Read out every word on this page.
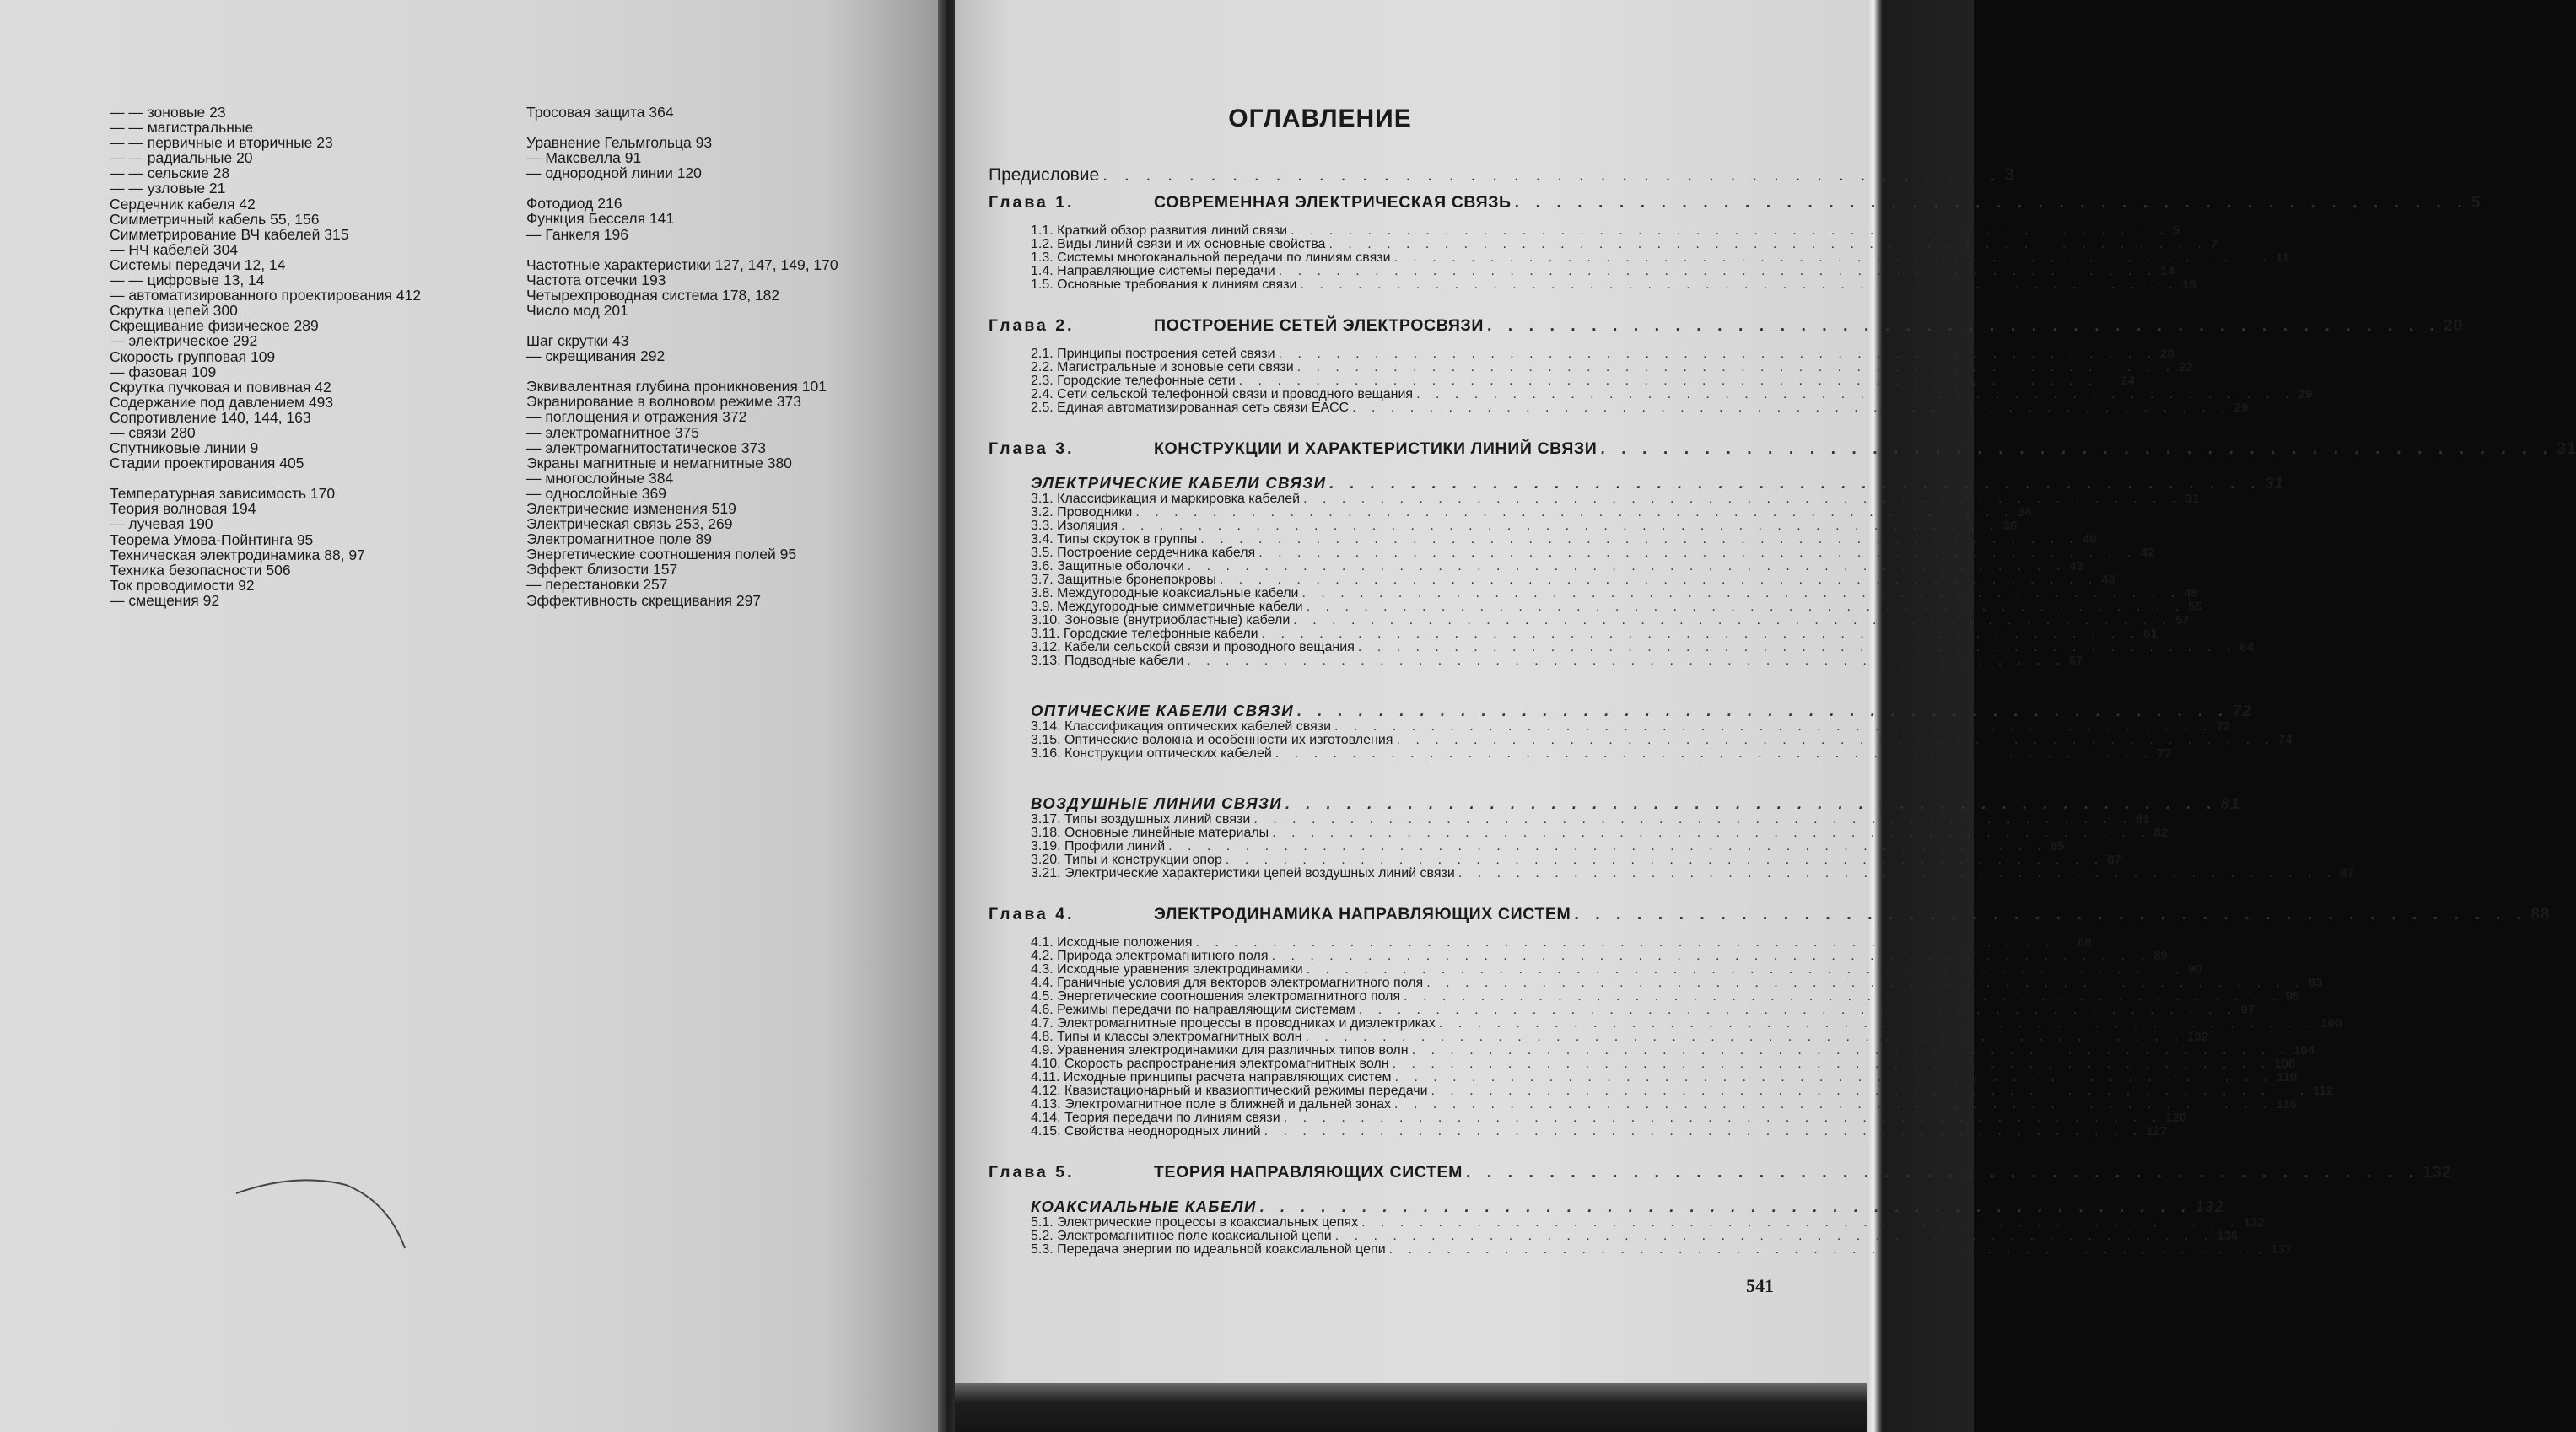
— — зоновые 23
— — магистральные
— — первичные и вторичные 23
— — радиальные 20
— — сельские 28
— — узловые 21
Сердечник кабеля 42
Симметричный кабель 55, 156
Симметрирование ВЧ кабелей 315
— НЧ кабелей 304
Системы передачи 12, 14
— — цифровые 13, 14
— автоматизированного проектирования 412
Скрутка цепей 300
Скрещивание физическое 289
— электрическое 292
Скорость групповая 109
— фазовая 109
Скрутка пучковая и повивная 42
Содержание под давлением 493
Сопротивление 140, 144, 163
— связи 280
Спутниковые линии 9
Стадии проектирования 405
Температурная зависимость 170
Теория волновая 194
— лучевая 190
Теорема Умова-Пойнтинга 95
Техническая электродинамика 88, 97
Техника безопасности 506
Ток проводимости 92
— смещения 92
Тросовая защита 364
Уравнение Гельмгольца 93
— Максвелла 91
— однородной линии 120
Фотодиод 216
Функция Бесселя 141
— Ганкеля 196
Частотные характеристики 127, 147, 149, 170
Частота отсечки 193
Четырехпроводная система 178, 182
Число мод 201
Шаг скрутки 43
— скрещивания 292
Эквивалентная глубина проникновения 101
Экранирование в волновом режиме 373
— поглощения и отражения 372
— электромагнитное 375
— электромагнитостатическое 373
Экраны магнитные и немагнитные 380
— многослойные 384
— однослойные 369
Электрические изменения 519
Электрическая связь 253, 269
Электромагнитное поле 89
Энергетические соотношения полей 95
Эффект близости 157
— перестановки 257
Эффективность скрещивания 297
ОГЛАВЛЕНИЕ
Предисловие . . . . . . . . . . . . . . . . . . . . . . . . . . . . . . . . . . . . . . . . . . 3
Глава 1.	СОВРЕМЕННАЯ ЭЛЕКТРИЧЕСКАЯ СВЯЗЬ . . . . . . . . . . . . . . . . . . . . . . . . . . . . . . . . . . . . . . . . . . . . . . 5
1.1. Краткий обзор развития линий связи . . . . . . . . . . . . . . . . . . . . . . . . . . . . . . . . . . . . . . . . . . . . . . 5
1.2. Виды линий связи и их основные свойства . . . . . . . . . . . . . . . . . . . . . . . . . . . . . . . . . . . . . . . . . . . . . . 7
1.3. Системы многоканальной передачи по линиям связи . . . . . . . . . . . . . . . . . . . . . . . . . . . . . . . . . . . . . . . . . . . . . . 11
1.4. Направляющие системы передачи . . . . . . . . . . . . . . . . . . . . . . . . . . . . . . . . . . . . . . . . . . . . . . 14
1.5. Основные требования к линиям связи . . . . . . . . . . . . . . . . . . . . . . . . . . . . . . . . . . . . . . . . . . . . . . 18
Глава 2.	ПОСТРОЕНИЕ СЕТЕЙ ЭЛЕКТРОСВЯЗИ . . . . . . . . . . . . . . . . . . . . . . . . . . . . . . . . . . . . . . . . . . . . . . 20
2.1. Принципы построения сетей связи . . . . . . . . . . . . . . . . . . . . . . . . . . . . . . . . . . . . . . . . . . . . . . 20
2.2. Магистральные и зоновые сети связи . . . . . . . . . . . . . . . . . . . . . . . . . . . . . . . . . . . . . . . . . . . . . . 22
2.3. Городские телефонные сети . . . . . . . . . . . . . . . . . . . . . . . . . . . . . . . . . . . . . . . . . . . . . . 24
2.4. Сети сельской телефонной связи и проводного вещания . . . . . . . . . . . . . . . . . . . . . . . . . . . . . . . . . . . . . . . . . . . . . . 29
2.5. Единая автоматизированная сеть связи ЕАСС . . . . . . . . . . . . . . . . . . . . . . . . . . . . . . . . . . . . . . . . . . . . . . 29
Глава 3.	КОНСТРУКЦИИ И ХАРАКТЕРИСТИКИ ЛИНИЙ СВЯЗИ . . . . . . . . . . . . . . . . . . . . . . . . . . . . . . . . . . . . . . . . . . . . . . 31
ЭЛЕКТРИЧЕСКИЕ КАБЕЛИ СВЯЗИ . . . . . . . . . . . . . . . . . . . . . . . . . . . . . . . . . . . . . . . . . . . . . . 31
3.1. Классификация и маркировка кабелей . . . . . . . . . . . . . . . . . . . . . . . . . . . . . . . . . . . . . . . . . . . . . . 31
3.2. Проводники . . . . . . . . . . . . . . . . . . . . . . . . . . . . . . . . . . . . . . . . . . . . . . 34
3.3. Изоляция . . . . . . . . . . . . . . . . . . . . . . . . . . . . . . . . . . . . . . . . . . . . . . 36
3.4. Типы скруток в группы . . . . . . . . . . . . . . . . . . . . . . . . . . . . . . . . . . . . . . . . . . . . . . 40
3.5. Построение сердечника кабеля . . . . . . . . . . . . . . . . . . . . . . . . . . . . . . . . . . . . . . . . . . . . . . 42
3.6. Защитные оболочки . . . . . . . . . . . . . . . . . . . . . . . . . . . . . . . . . . . . . . . . . . . . . . 43
3.7. Защитные бронепокровы . . . . . . . . . . . . . . . . . . . . . . . . . . . . . . . . . . . . . . . . . . . . . . 46
3.8. Междугородные коаксиальные кабели . . . . . . . . . . . . . . . . . . . . . . . . . . . . . . . . . . . . . . . . . . . . . . 48
3.9. Междугородные симметричные кабели . . . . . . . . . . . . . . . . . . . . . . . . . . . . . . . . . . . . . . . . . . . . . . 55
3.10. Зоновые (внутриобластные) кабели . . . . . . . . . . . . . . . . . . . . . . . . . . . . . . . . . . . . . . . . . . . . . . 57
3.11. Городские телефонные кабели . . . . . . . . . . . . . . . . . . . . . . . . . . . . . . . . . . . . . . . . . . . . . . 61
3.12. Кабели сельской связи и проводного вещания . . . . . . . . . . . . . . . . . . . . . . . . . . . . . . . . . . . . . . . . . . . . . . 64
3.13. Подводные кабели . . . . . . . . . . . . . . . . . . . . . . . . . . . . . . . . . . . . . . . . . . . . . . 67
ОПТИЧЕСКИЕ КАБЕЛИ СВЯЗИ . . . . . . . . . . . . . . . . . . . . . . . . . . . . . . . . . . . . . . . . . . . . . . 72
3.14. Классификация оптических кабелей связи . . . . . . . . . . . . . . . . . . . . . . . . . . . . . . . . . . . . . . . . . . . . . . 72
3.15. Оптические волокна и особенности их изготовления . . . . . . . . . . . . . . . . . . . . . . . . . . . . . . . . . . . . . . . . . . . . . . 74
3.16. Конструкции оптических кабелей . . . . . . . . . . . . . . . . . . . . . . . . . . . . . . . . . . . . . . . . . . . . . . 77
ВОЗДУШНЫЕ ЛИНИИ СВЯЗИ . . . . . . . . . . . . . . . . . . . . . . . . . . . . . . . . . . . . . . . . . . . . . . 81
3.17. Типы воздушных линий связи . . . . . . . . . . . . . . . . . . . . . . . . . . . . . . . . . . . . . . . . . . . . . . 81
3.18. Основные линейные материалы . . . . . . . . . . . . . . . . . . . . . . . . . . . . . . . . . . . . . . . . . . . . . . 82
3.19. Профили линий . . . . . . . . . . . . . . . . . . . . . . . . . . . . . . . . . . . . . . . . . . . . . . 85
3.20. Типы и конструкции опор . . . . . . . . . . . . . . . . . . . . . . . . . . . . . . . . . . . . . . . . . . . . . . 87
3.21. Электрические характеристики цепей воздушных линий связи . . . . . . . . . . . . . . . . . . . . . . . . . . . . . . . . . . . . . . . . . . . . . . 87
Глава 4.	ЭЛЕКТРОДИНАМИКА НАПРАВЛЯЮЩИХ СИСТЕМ . . . . . . . . . . . . . . . . . . . . . . . . . . . . . . . . . . . . . . . . . . . . . . 88
4.1. Исходные положения . . . . . . . . . . . . . . . . . . . . . . . . . . . . . . . . . . . . . . . . . . . . . . 88
4.2. Природа электромагнитного поля . . . . . . . . . . . . . . . . . . . . . . . . . . . . . . . . . . . . . . . . . . . . . . 89
4.3. Исходные уравнения электродинамики . . . . . . . . . . . . . . . . . . . . . . . . . . . . . . . . . . . . . . . . . . . . . . 90
4.4. Граничные условия для векторов электромагнитного поля . . . . . . . . . . . . . . . . . . . . . . . . . . . . . . . . . . . . . . . . . . . . . . 93
4.5. Энергетические соотношения электромагнитного поля . . . . . . . . . . . . . . . . . . . . . . . . . . . . . . . . . . . . . . . . . . . . . . 95
4.6. Режимы передачи по направляющим системам . . . . . . . . . . . . . . . . . . . . . . . . . . . . . . . . . . . . . . . . . . . . . . 97
4.7. Электромагнитные процессы в проводниках и диэлектриках . . . . . . . . . . . . . . . . . . . . . . . . . . . . . . . . . . . . . . . . . . . . . . 100
4.8. Типы и классы электромагнитных волн . . . . . . . . . . . . . . . . . . . . . . . . . . . . . . . . . . . . . . . . . . . . . . 102
4.9. Уравнения электродинамики для различных типов волн . . . . . . . . . . . . . . . . . . . . . . . . . . . . . . . . . . . . . . . . . . . . . . 104
4.10. Скорость распространения электромагнитных волн . . . . . . . . . . . . . . . . . . . . . . . . . . . . . . . . . . . . . . . . . . . . . . 108
4.11. Исходные принципы расчета направляющих систем . . . . . . . . . . . . . . . . . . . . . . . . . . . . . . . . . . . . . . . . . . . . . . 110
4.12. Квазистационарный и квазиоптический режимы передачи . . . . . . . . . . . . . . . . . . . . . . . . . . . . . . . . . . . . . . . . . . . . . . 112
4.13. Электромагнитное поле в ближней и дальней зонах . . . . . . . . . . . . . . . . . . . . . . . . . . . . . . . . . . . . . . . . . . . . . . 116
4.14. Теория передачи по линиям связи . . . . . . . . . . . . . . . . . . . . . . . . . . . . . . . . . . . . . . . . . . . . . . 120
4.15. Свойства неоднородных линий . . . . . . . . . . . . . . . . . . . . . . . . . . . . . . . . . . . . . . . . . . . . . . 127
Глава 5.	ТЕОРИЯ НАПРАВЛЯЮЩИХ СИСТЕМ . . . . . . . . . . . . . . . . . . . . . . . . . . . . . . . . . . . . . . . . . . . . . . 132
КОАКСИАЛЬНЫЕ КАБЕЛИ . . . . . . . . . . . . . . . . . . . . . . . . . . . . . . . . . . . . . . . . . . . . . . 132
5.1. Электрические процессы в коаксиальных цепях . . . . . . . . . . . . . . . . . . . . . . . . . . . . . . . . . . . . . . . . . . . . . . 132
5.2. Электромагнитное поле коаксиальной цепи . . . . . . . . . . . . . . . . . . . . . . . . . . . . . . . . . . . . . . . . . . . . . . 136
5.3. Передача энергии по идеальной коаксиальной цепи . . . . . . . . . . . . . . . . . . . . . . . . . . . . . . . . . . . . . . . . . . . . . . 137
541
